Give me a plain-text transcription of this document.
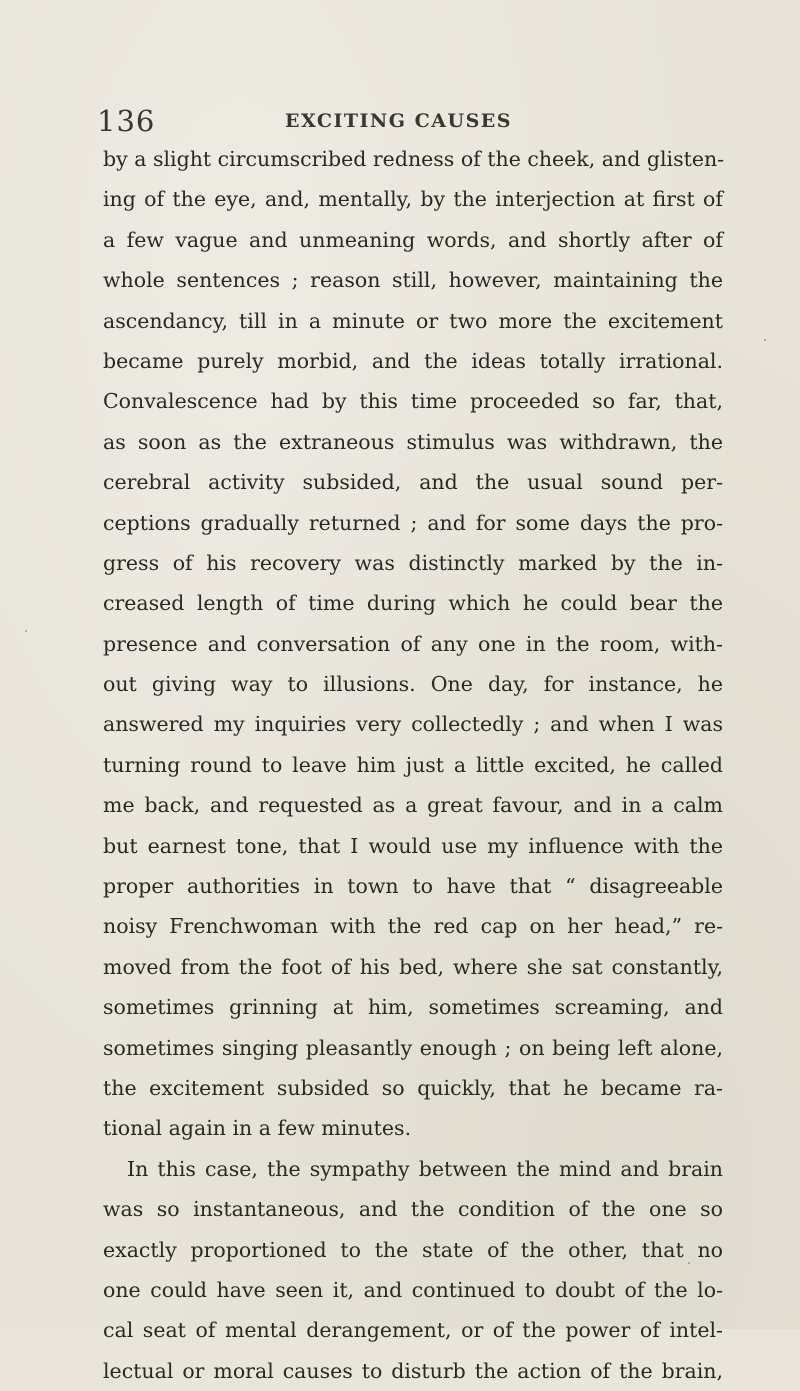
136	EXCITING CAUSES
by a slight circumscribed redness of the cheek, and glisten-
ing of the eye, and, mentally, by the interjection at first of
a few vague and unmeaning words, and shortly after of
whole sentences ; reason still, however, maintaining the
ascendancy, till in a minute or two more the excitement
became purely morbid, and the ideas totally irrational.
Convalescence had by this time proceeded so far, that,
as soon as the extraneous stimulus was withdrawn, the
cerebral activity subsided, and the usual sound per-
ceptions gradually returned ; and for some days the pro-
gress of his recovery was distinctly marked by the in-
creased length of time during which he could bear the
presence and conversation of any one in the room, with-
out giving way to illusions. One day, for instance, he
answered my inquiries very collectedly ; and when I was
turning round to leave him just a little excited, he called
me back, and requested as a great favour, and in a calm
but earnest tone, that I would use my influence with the
proper authorities in town to have that “ disagreeable
noisy Frenchwoman with the red cap on her head,” re-
moved from the foot of his bed, where she sat constantly,
sometimes grinning at him, sometimes screaming, and
sometimes singing pleasantly enough ; on being left alone,
the excitement subsided so quickly, that he became ra-
tional again in a few minutes.
In this case, the sympathy between the mind and brain
was so instantaneous, and the condition of the one so
exactly proportioned to the state of the other, that no
one could have seen it, and continued to doubt of the lo-
cal seat of mental derangement, or of the power of intel-
lectual or moral causes to disturb the action of the brain,
